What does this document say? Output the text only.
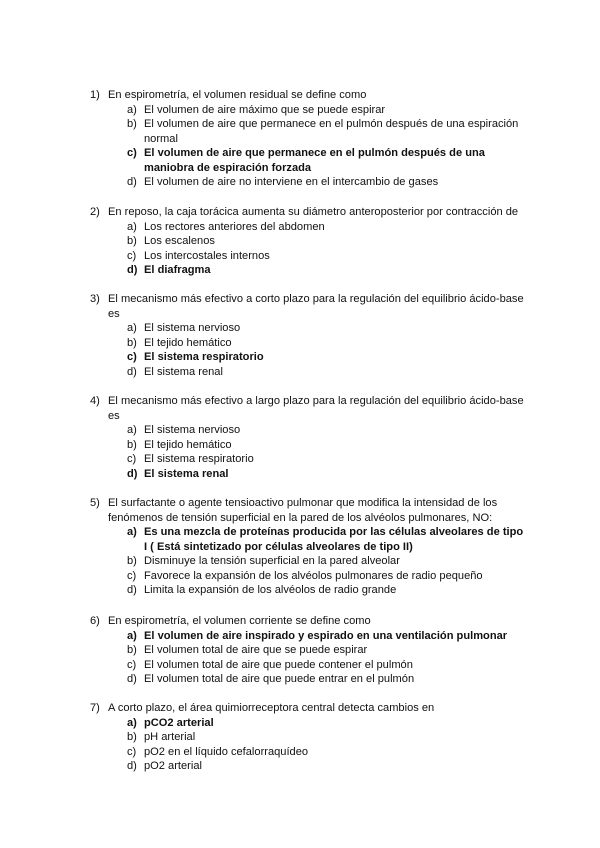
1) En espirometría, el volumen residual se define como
a) El volumen de aire máximo que se puede espirar
b) El volumen de aire que permanece en el pulmón después de una espiración normal
c) El volumen de aire que permanece en el pulmón después de una maniobra de espiración forzada
d) El volumen de aire no interviene en el intercambio de gases
2) En reposo, la caja torácica aumenta su diámetro anteroposterior por contracción de
a) Los rectores anteriores del abdomen
b) Los escalenos
c) Los intercostales internos
d) El diafragma
3) El mecanismo más efectivo a corto plazo para la regulación del equilibrio ácido-base
es
a) El sistema nervioso
b) El tejido hemático
c) El sistema respiratorio
d) El sistema renal
4) El mecanismo más efectivo a largo plazo para la regulación del equilibrio ácido-base
es
a) El sistema nervioso
b) El tejido hemático
c) El sistema respiratorio
d) El sistema renal
5) El surfactante o agente tensioactivo pulmonar que modifica la intensidad de los
fenómenos de tensión superficial en la pared de los alvéolos pulmonares, NO:
a) Es una mezcla de proteínas producida por las células alveolares de tipo I ( Está sintetizado por células alveolares de tipo II)
b) Disminuye la tensión superficial en la pared alveolar
c) Favorece la expansión de los alvéolos pulmonares de radio pequeño
d) Limita la expansión de los alvéolos de radio grande
6) En espirometría, el volumen corriente se define como
a) El volumen de aire inspirado y espirado en una ventilación pulmonar
b) El volumen total de aire que se puede espirar
c) El volumen total de aire que puede contener el pulmón
d) El volumen total de aire que puede entrar en el pulmón
7) A corto plazo, el área quimiorreceptora central detecta cambios en
a) pCO2 arterial
b) pH arterial
c) pO2 en el líquido cefalorraquídeo
d) pO2 arterial
